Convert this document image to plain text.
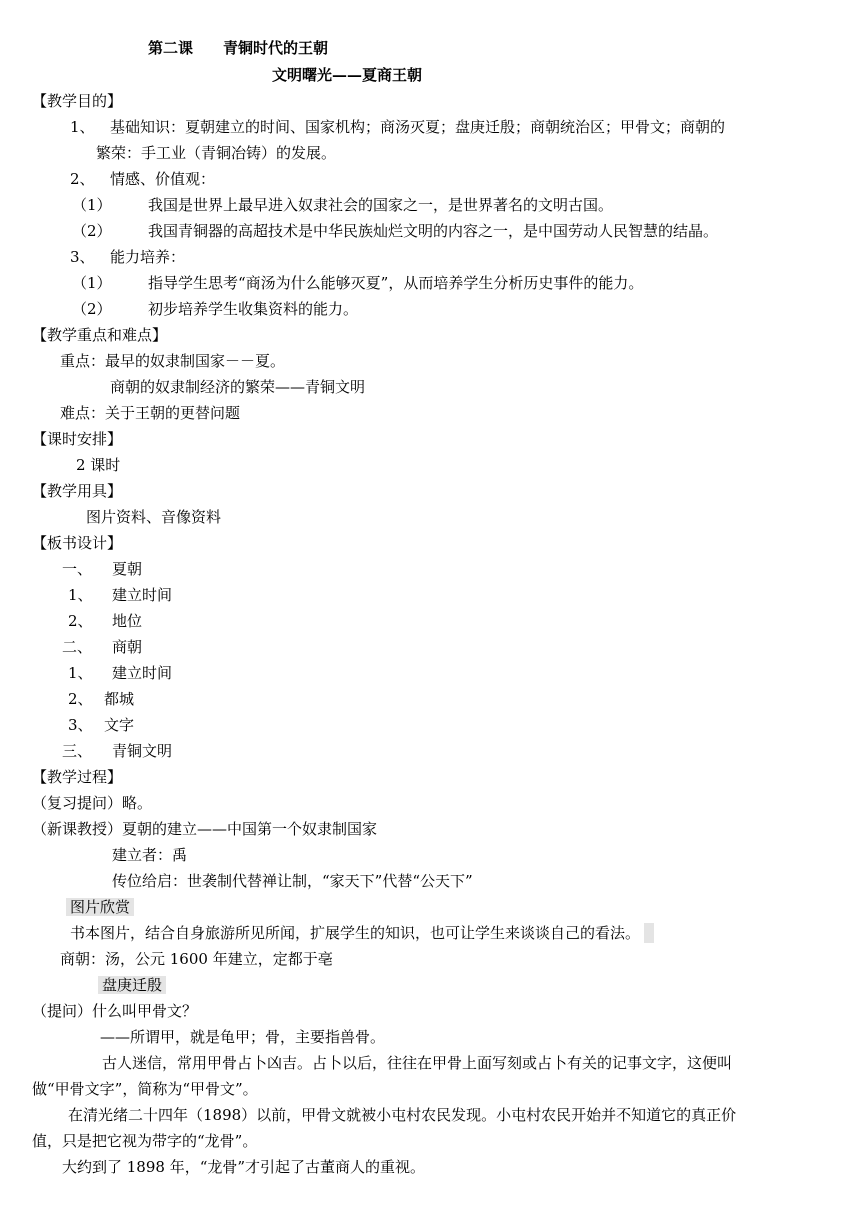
第二课 青铜时代的王朝
文明曙光——夏商王朝
【教学目的】
1、 基础知识：夏朝建立的时间、国家机构；商汤灭夏；盘庚迁殷；商朝统治区；甲骨文；商朝的
繁荣：手工业（青铜冶铸）的发展。
2、 情感、价值观：
（1） 我国是世界上最早进入奴隶社会的国家之一，是世界著名的文明古国。
（2） 我国青铜器的高超技术是中华民族灿烂文明的内容之一，是中国劳动人民智慧的结晶。
3、 能力培养：
（1） 指导学生思考“商汤为什么能够灭夏”，从而培养学生分析历史事件的能力。
（2） 初步培养学生收集资料的能力。
【教学重点和难点】
重点：最早的奴隶制国家－－夏。
商朝的奴隶制经济的繁荣——青铜文明
难点：关于王朝的更替问题
【课时安排】
2 课时
【教学用具】
图片资料、音像资料
【板书设计】
一、 夏朝
1、 建立时间
2、 地位
二、 商朝
1、 建立时间
2、 都城
3、 文字
三、 青铜文明
【教学过程】
（复习提问）略。
（新课教授）夏朝的建立——中国第一个奴隶制国家
建立者：禹
传位给启：世袭制代替禅让制，“家天下”代替“公天下”
图片欣赏
书本图片，结合自身旅游所见所闻，扩展学生的知识，也可让学生来谈谈自己的看法。
商朝：汤，公元 1600 年建立，定都于亳
盘庚迁殷
（提问）什么叫甲骨文？
——所谓甲，就是龟甲；骨，主要指兽骨。
古人迷信，常用甲骨占卜凶吉。占卜以后，往往在甲骨上面写刻或占卜有关的记事文字，这便叫
做“甲骨文字”，简称为“甲骨文”。
在清光绪二十四年（1898）以前，甲骨文就被小屯村农民发现。小屯村农民开始并不知道它的真正价
值，只是把它视为带字的“龙骨”。
大约到了 1898 年，“龙骨”才引起了古董商人的重视。
